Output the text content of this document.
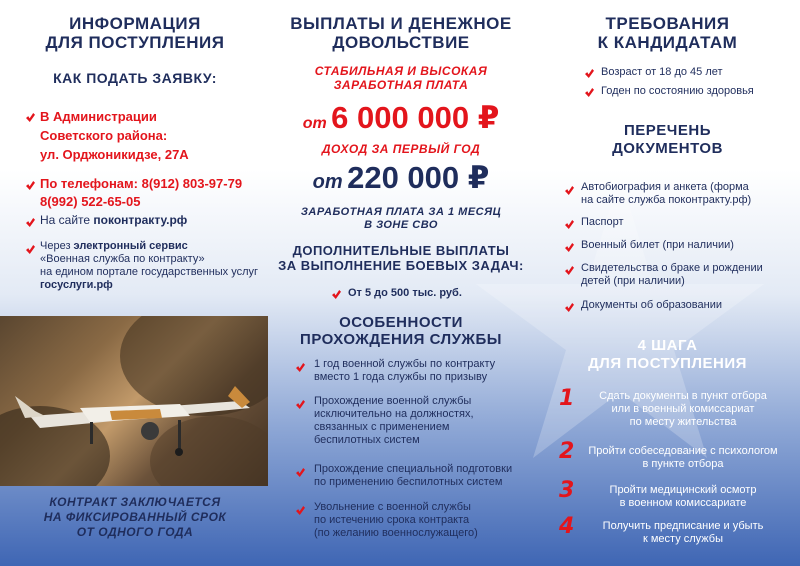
ИНФОРМАЦИЯ
ДЛЯ ПОСТУПЛЕНИЯ
КАК ПОДАТЬ ЗАЯВКУ:
В Администрации
Советского района:
ул. Орджоникидзе, 27А
По телефонам: 8(912) 803-97-79
8(992) 522-65-05
На сайте поконтракту.рф
Через электронный сервис
«Военная служба по контракту»
на едином портале государственных услуг
госуслуги.рф
КОНТРАКТ ЗАКЛЮЧАЕТСЯ
НА ФИКСИРОВАННЫЙ СРОК
ОТ ОДНОГО ГОДА
ВЫПЛАТЫ И ДЕНЕЖНОЕ
ДОВОЛЬСТВИЕ
СТАБИЛЬНАЯ И ВЫСОКАЯ
ЗАРАБОТНАЯ ПЛАТА
от 6 000 000 ₽
ДОХОД ЗА ПЕРВЫЙ ГОД
от 220 000 ₽
ЗАРАБОТНАЯ ПЛАТА ЗА 1 МЕСЯЦ
В ЗОНЕ СВО
ДОПОЛНИТЕЛЬНЫЕ ВЫПЛАТЫ
ЗА ВЫПОЛНЕНИЕ БОЕВЫХ ЗАДАЧ:
От 5 до 500 тыс. руб.
ОСОБЕННОСТИ
ПРОХОЖДЕНИЯ СЛУЖБЫ
1 год военной службы по контракту
вместо 1 года службы по призыву
Прохождение военной службы
исключительно на должностях,
связанных с применением
беспилотных систем
Прохождение специальной подготовки
по применению беспилотных систем
Увольнение с военной службы
по истечению срока контракта
(по желанию военнослужащего)
ТРЕБОВАНИЯ
К КАНДИДАТАМ
Возраст от 18 до 45 лет
Годен по состоянию здоровья
ПЕРЕЧЕНЬ
ДОКУМЕНТОВ
Автобиография и анкета (форма
на сайте служба поконтракту.рф)
Паспорт
Военный билет (при наличии)
Свидетельства о браке и рождении
детей (при наличии)
Документы об образовании
4 ШАГА
ДЛЯ ПОСТУПЛЕНИЯ
1	Сдать документы в пункт отбора
или в военный комиссариат
по месту жительства
2	Пройти собеседование с психологом
в пункте отбора
3	Пройти медицинский осмотр
в военном комиссариате
4	Получить предписание и убыть
к месту службы
